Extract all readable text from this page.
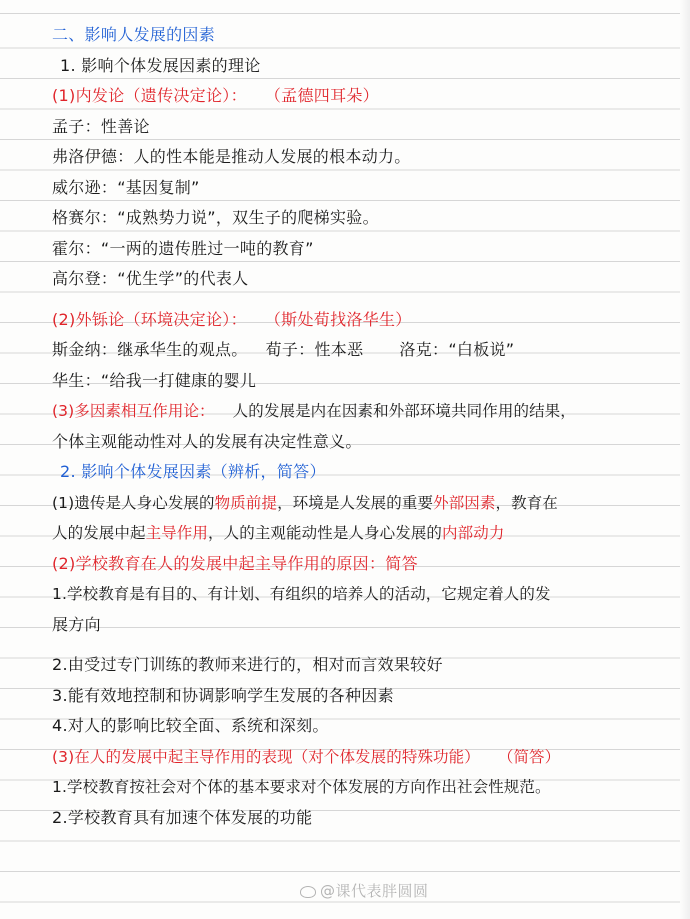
二、影响人发展的因素
1. 影响个体发展因素的理论
(1)内发论（遗传决定论）： （孟德四耳朵）
孟子：性善论
弗洛伊德：人的性本能是推动人发展的根本动力。
威尔逊：“基因复制”
格赛尔：“成熟势力说”，双生子的爬梯实验。
霍尔：“一两的遗传胜过一吨的教育”
高尔登：“优生学”的代表人
(2)外铄论（环境决定论）： （斯处荀找洛华生）
斯金纳：继承华生的观点。 荀子：性本恶 洛克：“白板说”
华生：“给我一打健康的婴儿
(3)多因素相互作用论： 人的发展是内在因素和外部环境共同作用的结果，
个体主观能动性对人的发展有决定性意义。
2. 影响个体发展因素（辨析，简答）
(1)遗传是人身心发展的物质前提，环境是人发展的重要外部因素，教育在
人的发展中起主导作用，人的主观能动性是人身心发展的内部动力
(2)学校教育在人的发展中起主导作用的原因：简答
1.学校教育是有目的、有计划、有组织的培养人的活动，它规定着人的发
展方向
2.由受过专门训练的教师来进行的，相对而言效果较好
3.能有效地控制和协调影响学生发展的各种因素
4.对人的影响比较全面、系统和深刻。
(3)在人的发展中起主导作用的表现（对个体发展的特殊功能） （简答）
1.学校教育按社会对个体的基本要求对个体发展的方向作出社会性规范。
2.学校教育具有加速个体发展的功能
@课代表胖圆圆
